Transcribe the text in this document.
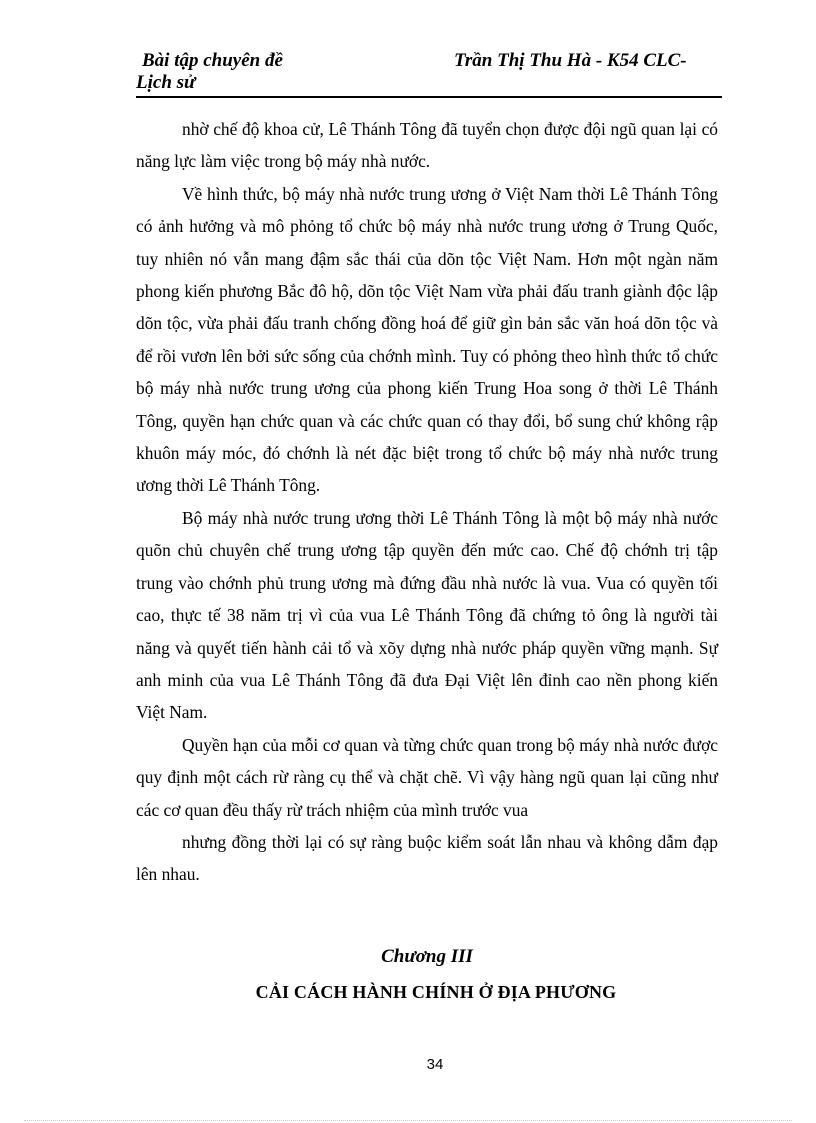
Bài tập chuyên đề
Lịch sử
Trần Thị Thu Hà - K54 CLC-

nhờ chế độ khoa cử, Lê Thánh Tông đã tuyển chọn được đội ngũ quan lại có năng lực làm việc trong bộ máy nhà nước.

Về hình thức, bộ máy nhà nước trung ương ở Việt Nam thời Lê Thánh Tông có ảnh hưởng và mô phỏng tổ chức bộ máy nhà nước trung ương ở Trung Quốc, tuy nhiên nó vẫn mang đậm sắc thái của dõn tộc Việt Nam. Hơn một ngàn năm phong kiến phương Bắc đô hộ, dõn tộc Việt Nam vừa phải đấu tranh giành độc lập dõn tộc, vừa phải đấu tranh chống đồng hoá để giữ gìn bản sắc văn hoá dõn tộc và để rồi vươn lên bởi sức sống của chớnh mình. Tuy có phỏng theo hình thức tổ chức bộ máy nhà nước trung ương của phong kiến Trung Hoa song ở thời Lê Thánh Tông, quyền hạn chức quan và các chức quan có thay đổi, bổ sung chứ không rập khuôn máy móc, đó chớnh là nét đặc biệt trong tổ chức bộ máy nhà nước trung ương thời Lê Thánh Tông.

Bộ máy nhà nước trung ương thời Lê Thánh Tông là một bộ máy nhà nước quõn chủ chuyên chế trung ương tập quyền đến mức cao. Chế độ chớnh trị tập trung vào chớnh phủ trung ương mà đứng đầu nhà nước là vua. Vua có quyền tối cao, thực tế 38 năm trị vì của vua Lê Thánh Tông đã chứng tỏ ông là người tài năng và quyết tiến hành cải tổ và xõy dựng nhà nước pháp quyền vững mạnh. Sự anh minh của vua Lê Thánh Tông đã đưa Đại Việt lên đỉnh cao nền phong kiến Việt Nam.

Quyền hạn của mỗi cơ quan và từng chức quan trong bộ máy nhà nước được quy định một cách rừ ràng cụ thể và chặt chẽ. Vì vậy hàng ngũ quan lại cũng như các cơ quan đều thấy rừ trách nhiệm của mình trước vua

nhưng đồng thời lại có sự ràng buộc kiểm soát lẫn nhau và không dẫm đạp lên nhau.

Chương III
CẢI CÁCH HÀNH CHÍNH Ở ĐỊA PHƯƠNG
34
